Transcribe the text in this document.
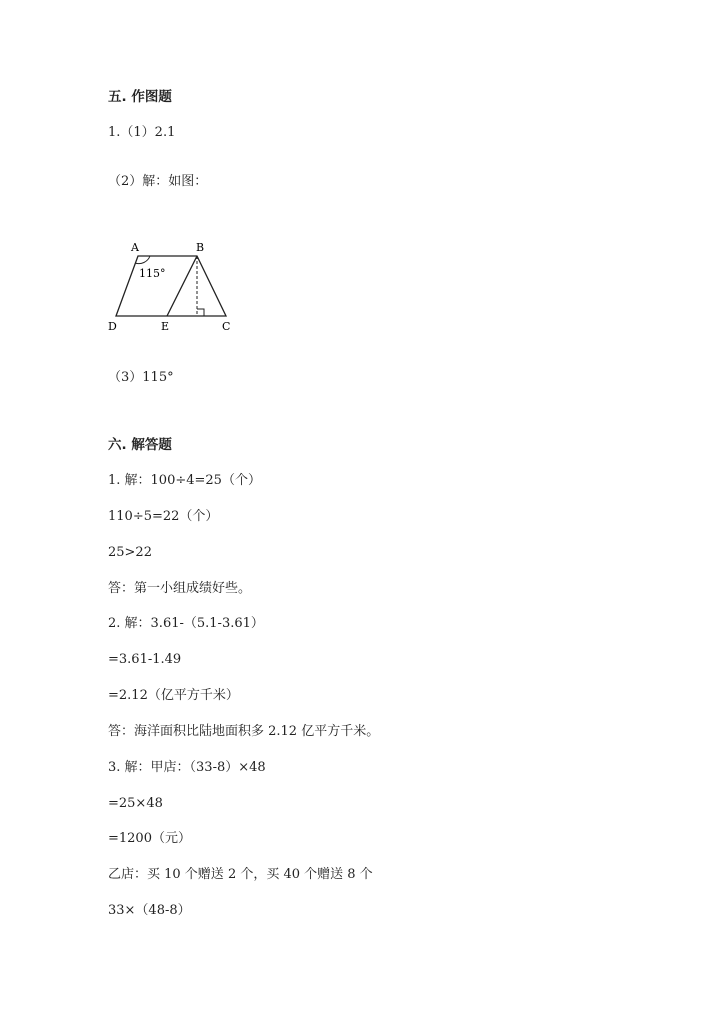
五. 作图题
1.（1）2.1
（2）解：如图：
A	B
C
D	E
115°
（3）115°
六. 解答题
1. 解：100÷4=25（个）
110÷5=22（个）
25>22
答：第一小组成绩好些。
2. 解：3.61-（5.1-3.61）
=3.61-1.49
=2.12（亿平方千米）
答：海洋面积比陆地面积多 2.12 亿平方千米。
3. 解：甲店：（33-8）×48
=25×48
=1200（元）
乙店：买 10 个赠送 2 个，买 40 个赠送 8 个
33×（48-8）
